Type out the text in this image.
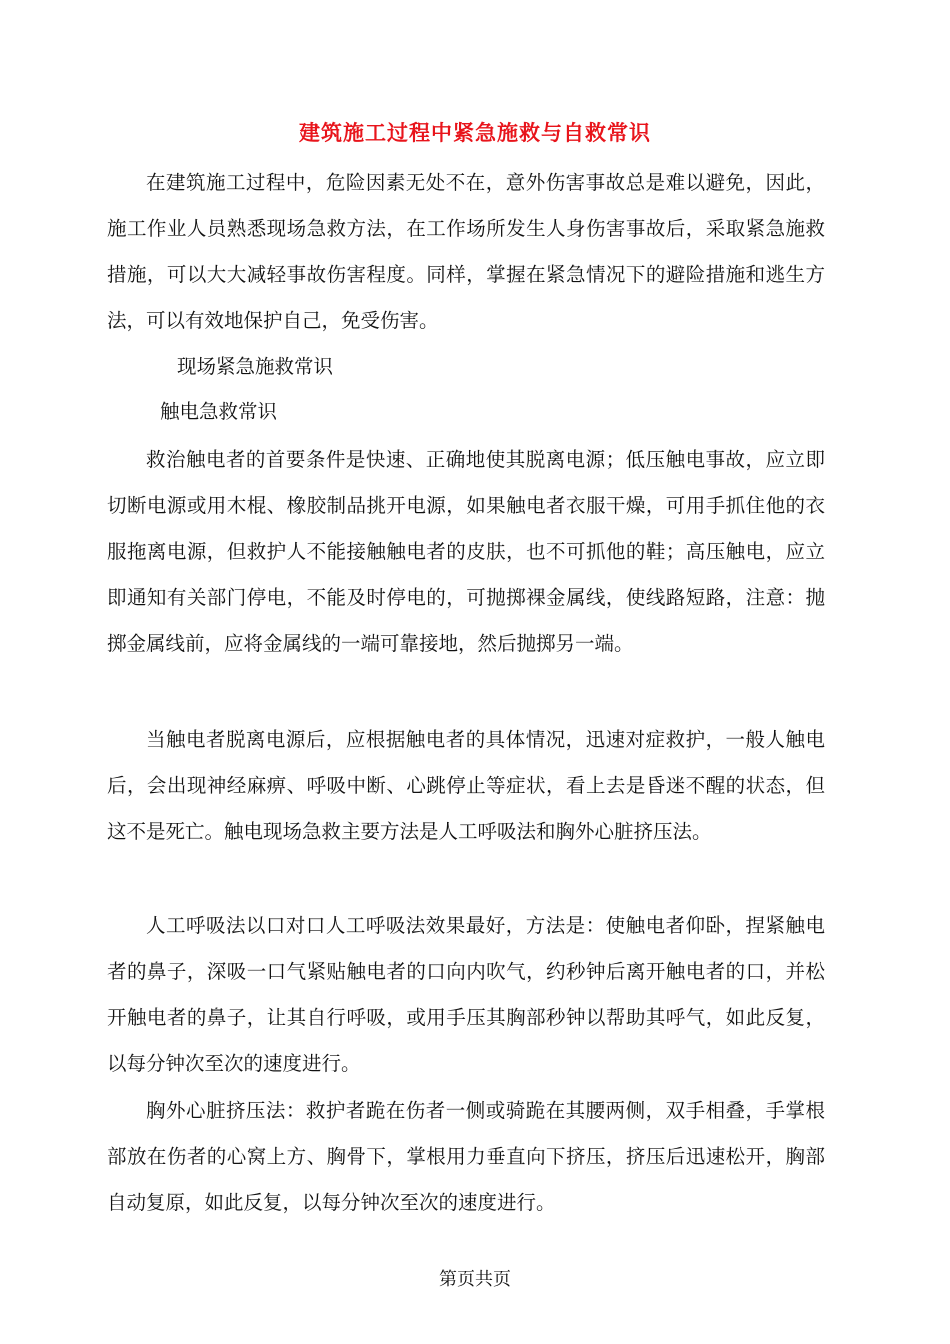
建筑施工过程中紧急施救与自救常识

在建筑施工过程中，危险因素无处不在，意外伤害事故总是难以避免，因此，施工作业人员熟悉现场急救方法，在工作场所发生人身伤害事故后，采取紧急施救措施，可以大大减轻事故伤害程度。同样，掌握在紧急情况下的避险措施和逃生方法，可以有效地保护自己，免受伤害。

现场紧急施救常识

触电急救常识

救治触电者的首要条件是快速、正确地使其脱离电源；低压触电事故，应立即切断电源或用木棍、橡胶制品挑开电源，如果触电者衣服干燥，可用手抓住他的衣服拖离电源，但救护人不能接触触电者的皮肤，也不可抓他的鞋；高压触电，应立即通知有关部门停电，不能及时停电的，可抛掷裸金属线，使线路短路，注意：抛掷金属线前，应将金属线的一端可靠接地，然后抛掷另一端。

当触电者脱离电源后，应根据触电者的具体情况，迅速对症救护，一般人触电后，会出现神经麻痹、呼吸中断、心跳停止等症状，看上去是昏迷不醒的状态，但这不是死亡。触电现场急救主要方法是人工呼吸法和胸外心脏挤压法。

人工呼吸法以口对口人工呼吸法效果最好，方法是：使触电者仰卧，捏紧触电者的鼻子，深吸一口气紧贴触电者的口向内吹气，约秒钟后离开触电者的口，并松开触电者的鼻子，让其自行呼吸，或用手压其胸部秒钟以帮助其呼气，如此反复，以每分钟次至次的速度进行。

胸外心脏挤压法：救护者跪在伤者一侧或骑跪在其腰两侧，双手相叠，手掌根部放在伤者的心窝上方、胸骨下，掌根用力垂直向下挤压，挤压后迅速松开，胸部自动复原，如此反复，以每分钟次至次的速度进行。

第页共页
